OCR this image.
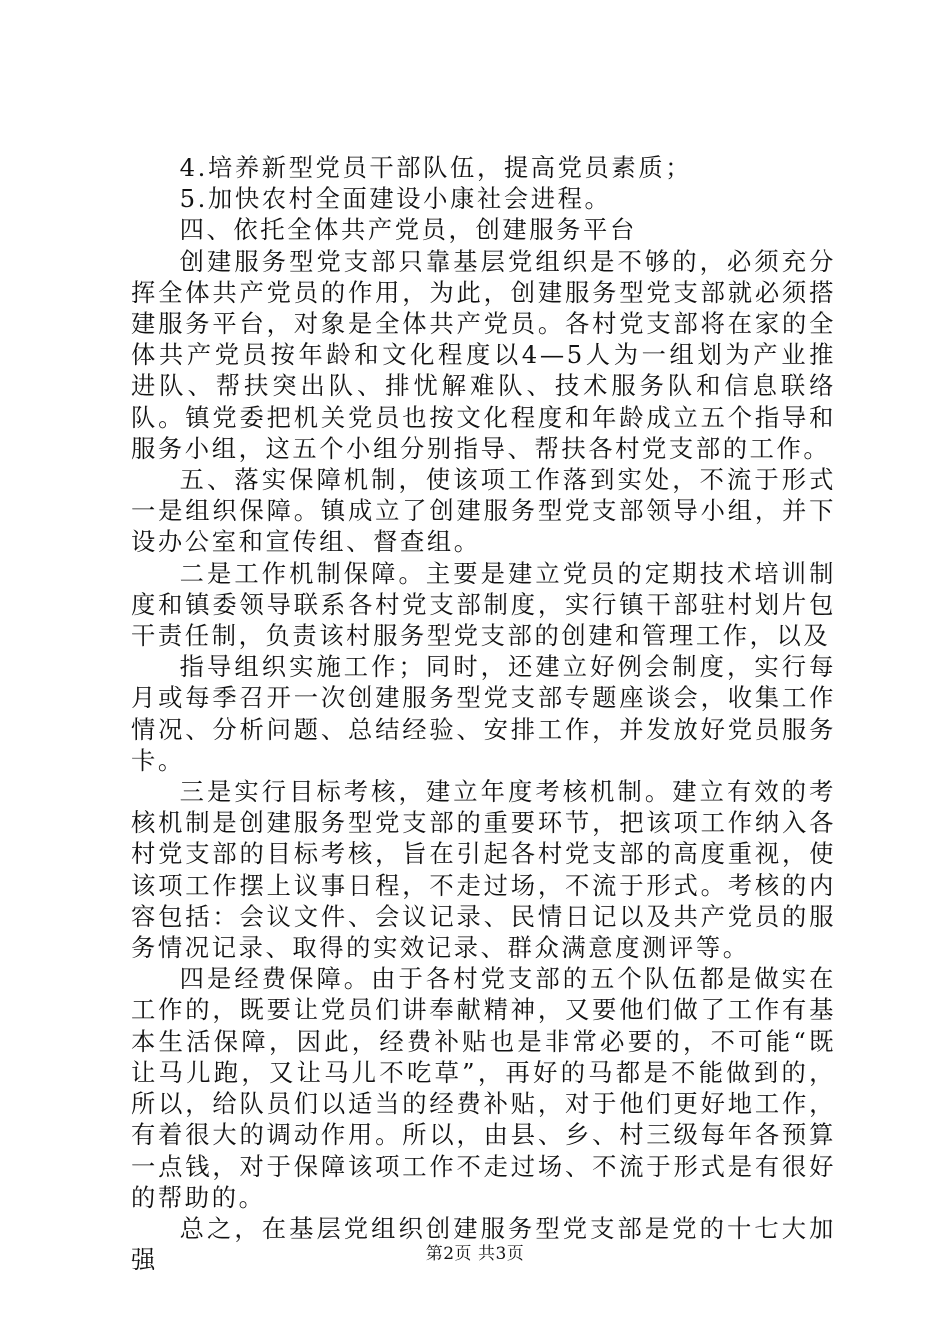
4.培养新型党员干部队伍，提高党员素质；

5.加快农村全面建设小康社会进程。

四、依托全体共产党员，创建服务平台

创建服务型党支部只靠基层党组织是不够的，必须充分挥全体共产党员的作用，为此，创建服务型党支部就必须搭建服务平台，对象是全体共产党员。各村党支部将在家的全体共产党员按年龄和文化程度以4—5人为一组划为产业推进队、帮扶突出队、排忧解难队、技术服务队和信息联络队。镇党委把机关党员也按文化程度和年龄成立五个指导和服务小组，这五个小组分别指导、帮扶各村党支部的工作。

五、落实保障机制，使该项工作落到实处，不流于形式一是组织保障。镇成立了创建服务型党支部领导小组，并下设办公室和宣传组、督查组。

二是工作机制保障。主要是建立党员的定期技术培训制度和镇委领导联系各村党支部制度，实行镇干部驻村划片包干责任制，负责该村服务型党支部的创建和管理工作，以及

指导组织实施工作；同时，还建立好例会制度，实行每月或每季召开一次创建服务型党支部专题座谈会，收集工作情况、分析问题、总结经验、安排工作，并发放好党员服务卡。

三是实行目标考核，建立年度考核机制。建立有效的考核机制是创建服务型党支部的重要环节，把该项工作纳入各村党支部的目标考核，旨在引起各村党支部的高度重视，使该项工作摆上议事日程，不走过场，不流于形式。考核的内容包括：会议文件、会议记录、民情日记以及共产党员的服务情况记录、取得的实效记录、群众满意度测评等。

四是经费保障。由于各村党支部的五个队伍都是做实在工作的，既要让党员们讲奉献精神，又要他们做了工作有基本生活保障，因此，经费补贴也是非常必要的，不可能“既让马儿跑，又让马儿不吃草”，再好的马都是不能做到的，所以，给队员们以适当的经费补贴，对于他们更好地工作，有着很大的调动作用。所以，由县、乡、村三级每年各预算一点钱，对于保障该项工作不走过场、不流于形式是有很好的帮助的。

总之，在基层党组织创建服务型党支部是党的十七大加强	第2页 共3页
